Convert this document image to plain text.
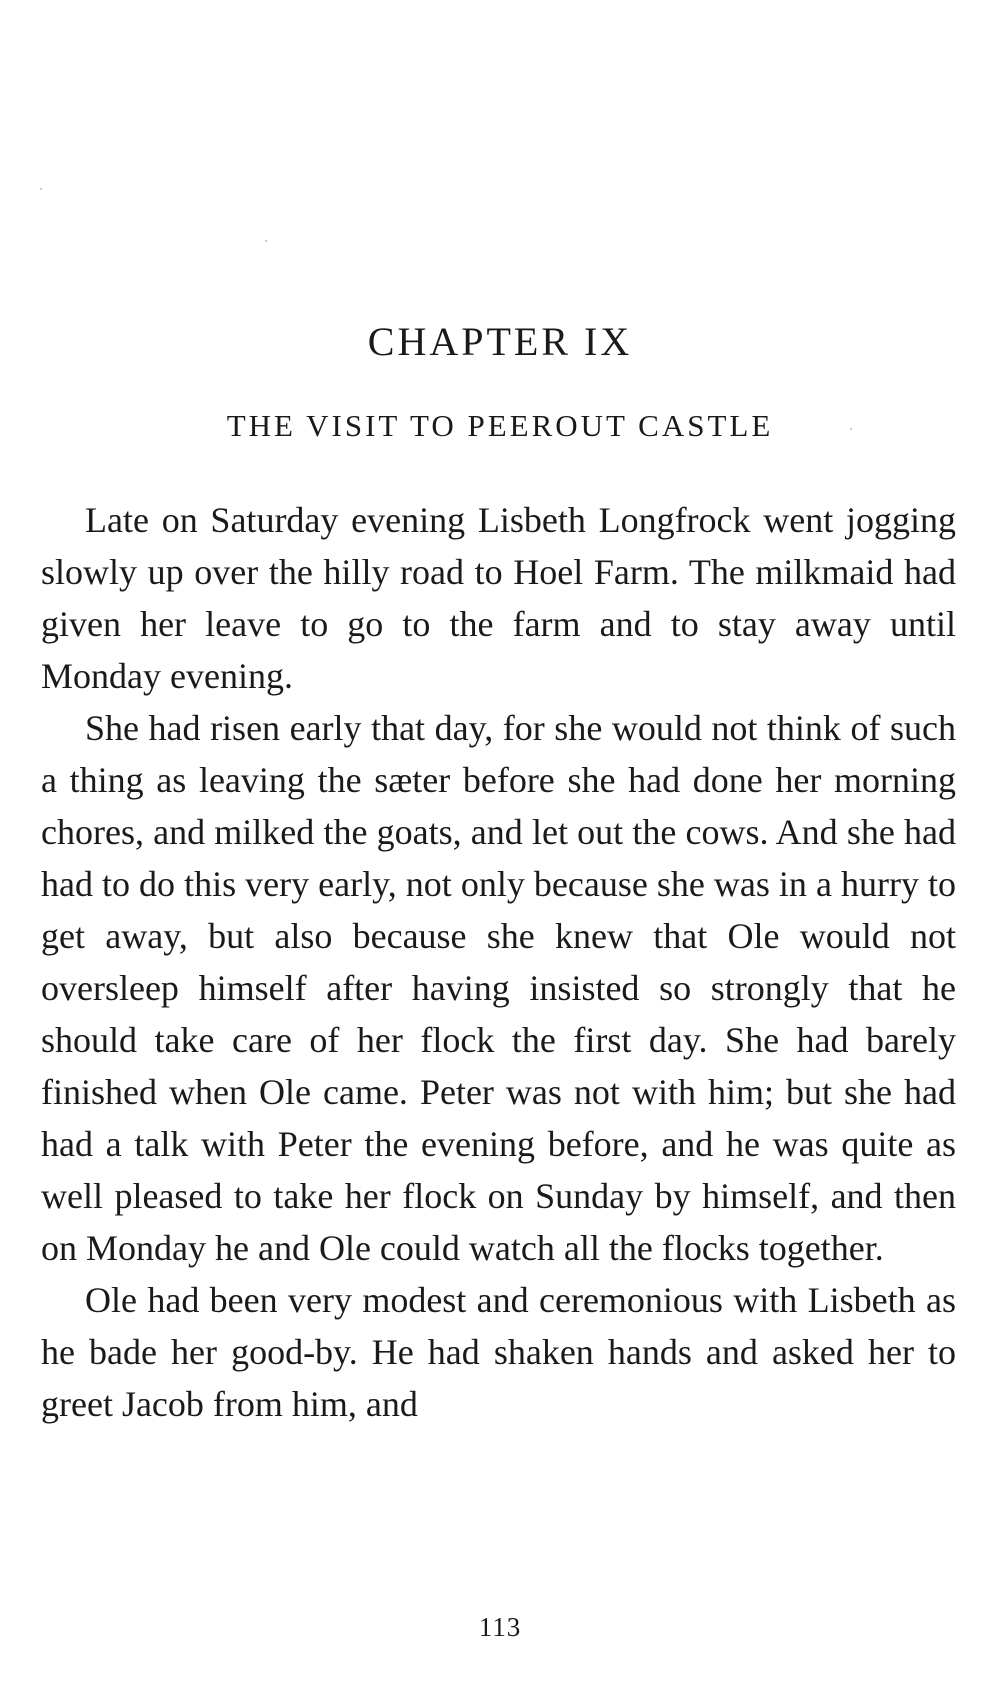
CHAPTER IX
THE VISIT TO PEEROUT CASTLE

Late on Saturday evening Lisbeth Longfrock went jogging slowly up over the hilly road to Hoel Farm. The milkmaid had given her leave to go to the farm and to stay away until Monday evening.

She had risen early that day, for she would not think of such a thing as leaving the sæter before she had done her morning chores, and milked the goats, and let out the cows. And she had had to do this very early, not only because she was in a hurry to get away, but also because she knew that Ole would not oversleep himself after having insisted so strongly that he should take care of her flock the first day. She had barely finished when Ole came. Peter was not with him; but she had had a talk with Peter the evening before, and he was quite as well pleased to take her flock on Sunday by himself, and then on Monday he and Ole could watch all the flocks together.

Ole had been very modest and ceremonious with Lisbeth as he bade her good-by. He had shaken hands and asked her to greet Jacob from him, and

113
